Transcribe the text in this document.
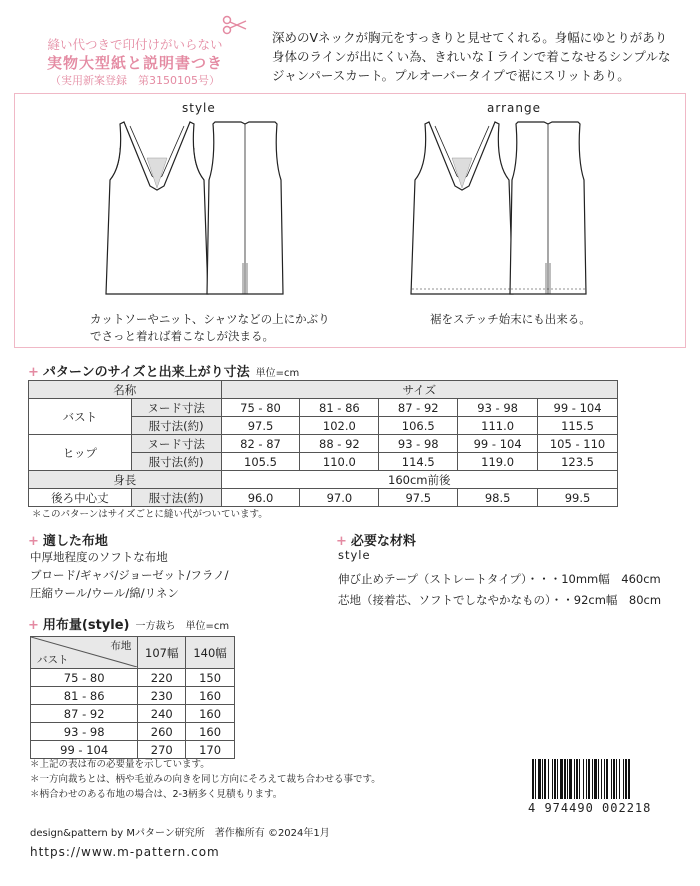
縫い代つきで印付けがいらない
実物大型紙と説明書つき
（実用新案登録　第3150105号）
深めのVネックが胸元をすっきりと見せてくれる。身幅にゆとりがあり
身体のラインが出にくい為、きれいなＩラインで着こなせるシンプルな
ジャンパースカート。プルオーバータイプで裾にスリットあり。
style	arrange
カットソーやニット、シャツなどの上にかぶり
でさっと着れば着こなしが決まる。
裾をステッチ始末にも出来る。
+ パターンのサイズと出来上がり寸法 単位=cm
名称		サイズ				
バスト	ヌード寸法	75 - 80	81 - 86	87 - 92	93 - 98	99 - 104
	服寸法(約)	97.5	102.0	106.5	111.0	115.5
ヒップ	ヌード寸法	82 - 87	88 - 92	93 - 98	99 - 104	105 - 110
	服寸法(約)	105.5	110.0	114.5	119.0	123.5
身長		160cm前後				
後ろ中心丈	服寸法(約)	96.0	97.0	97.5	98.5	99.5
＊このパターンはサイズごとに縫い代がついています。
+ 適した布地
中厚地程度のソフトな布地
ブロード/ギャバ/ジョーゼット/フラノ/
圧縮ウール/ウール/綿/リネン
+ 必要な材料
style
伸び止めテープ（ストレートタイプ）・・・10mm幅　460cm
芯地（接着芯、ソフトでしなやかなもの）・・92cm幅　80cm
+ 用布量(style) 一方裁ち　単位=cm
布地
バスト	107幅	140幅
75 - 80	220	150
81 - 86	230	160
87 - 92	240	160
93 - 98	260	160
99 - 104	270	170
＊上記の表は布の必要量を示しています。
＊一方向裁ちとは、柄や毛並みの向きを同じ方向にそろえて裁ち合わせる事です。
＊柄合わせのある布地の場合は、2-3柄多く見積もります。
design&pattern by Mパターン研究所　著作権所有 ©2024年1月
https://www.m-pattern.com
4 974490 002218
